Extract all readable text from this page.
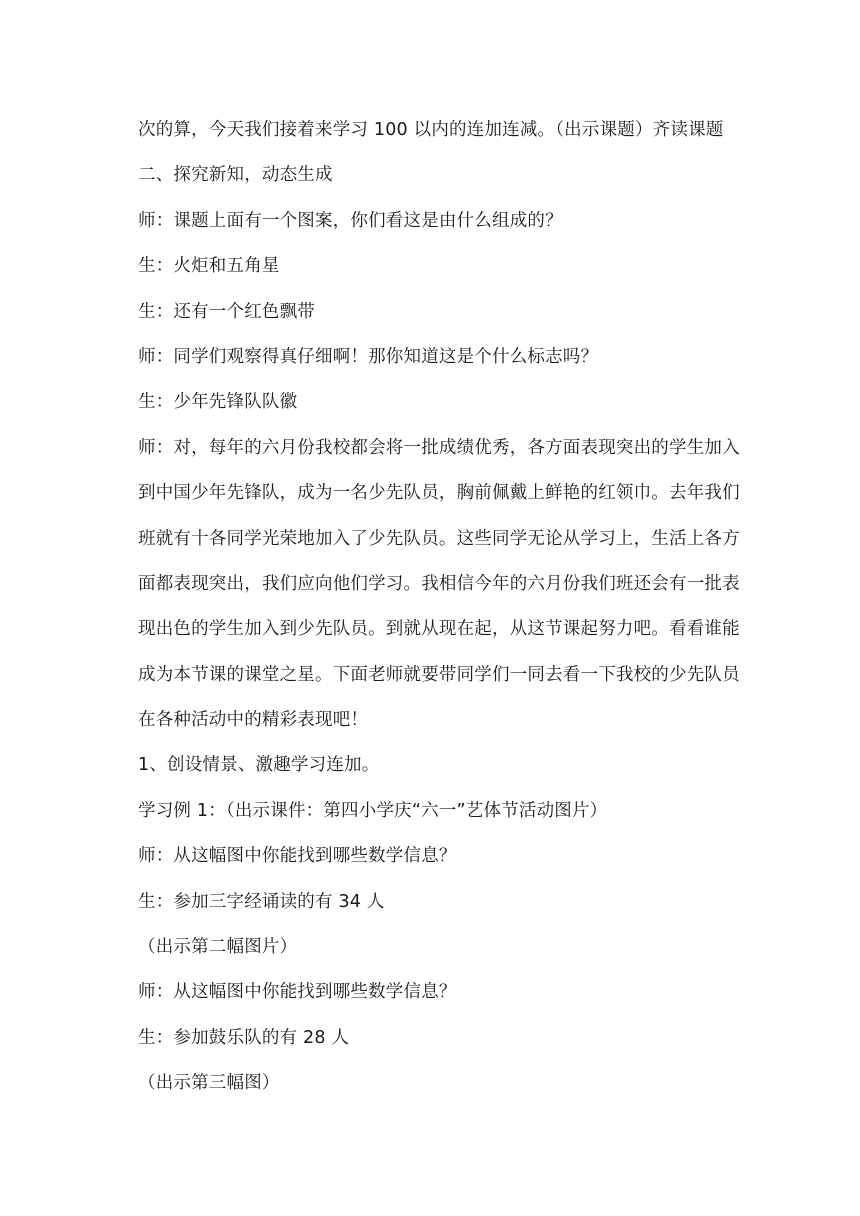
次的算，今天我们接着来学习 100 以内的连加连减。（出示课题）齐读课题
二、探究新知，动态生成
师：课题上面有一个图案，你们看这是由什么组成的？
生：火炬和五角星
生：还有一个红色飘带
师：同学们观察得真仔细啊！那你知道这是个什么标志吗？
生：少年先锋队队徽
师：对，每年的六月份我校都会将一批成绩优秀，各方面表现突出的学生加入
到中国少年先锋队，成为一名少先队员，胸前佩戴上鲜艳的红领巾。去年我们
班就有十各同学光荣地加入了少先队员。这些同学无论从学习上，生活上各方
面都表现突出，我们应向他们学习。我相信今年的六月份我们班还会有一批表
现出色的学生加入到少先队员。到就从现在起，从这节课起努力吧。看看谁能
成为本节课的课堂之星。下面老师就要带同学们一同去看一下我校的少先队员
在各种活动中的精彩表现吧！
1、创设情景、激趣学习连加。
学习例 1：（出示课件：第四小学庆“六一”艺体节活动图片）
师：从这幅图中你能找到哪些数学信息？
生：参加三字经诵读的有 34 人
（出示第二幅图片）
师：从这幅图中你能找到哪些数学信息？
生：参加鼓乐队的有 28 人
（出示第三幅图）
